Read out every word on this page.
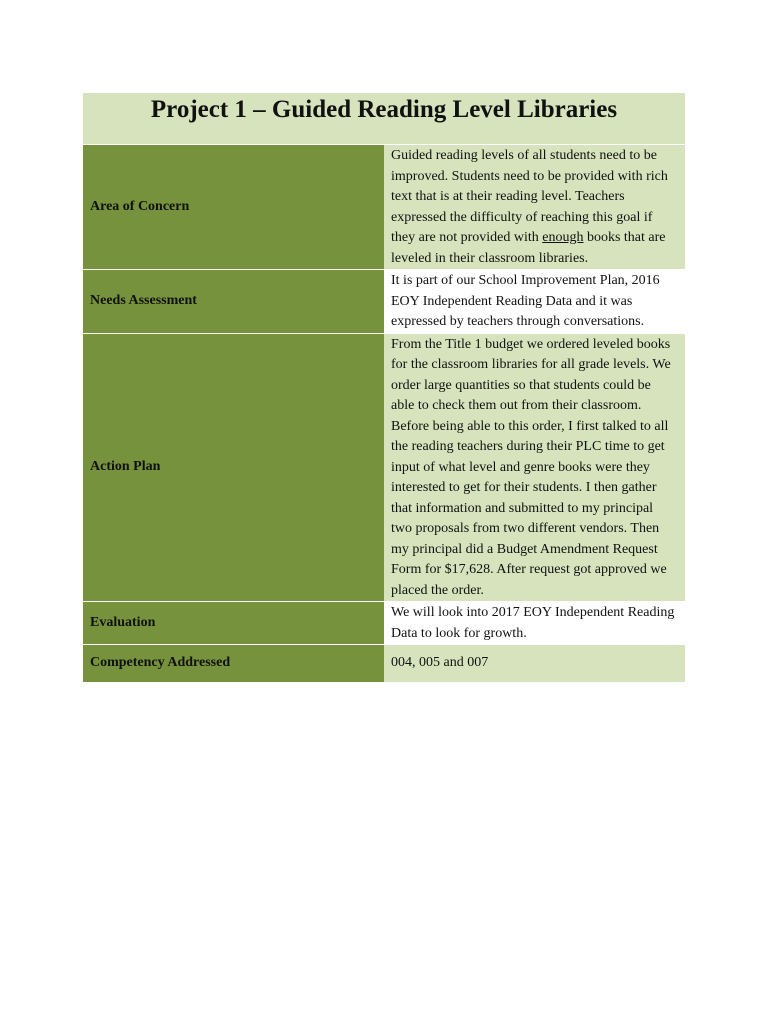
Project 1 – Guided Reading Level Libraries	

Area of Concern	Guided reading levels of all students need to be improved. Students need to be provided with rich text that is at their reading level. Teachers expressed the difficulty of reaching this goal if they are not provided with enough books that are leveled in their classroom libraries.
Needs Assessment	It is part of our School Improvement Plan, 2016 EOY Independent Reading Data and it was expressed by teachers through conversations.
Action Plan	From the Title 1 budget we ordered leveled books for the classroom libraries for all grade levels. We order large quantities so that students could be able to check them out from their classroom. Before being able to this order, I first talked to all the reading teachers during their PLC time to get input of what level and genre books were they interested to get for their students. I then gather that information and submitted to my principal two proposals from two different vendors. Then my principal did a Budget Amendment Request Form for $17,628. After request got approved we placed the order.
Evaluation	We will look into 2017 EOY Independent Reading Data to look for growth.
Competency Addressed	004, 005 and 007
